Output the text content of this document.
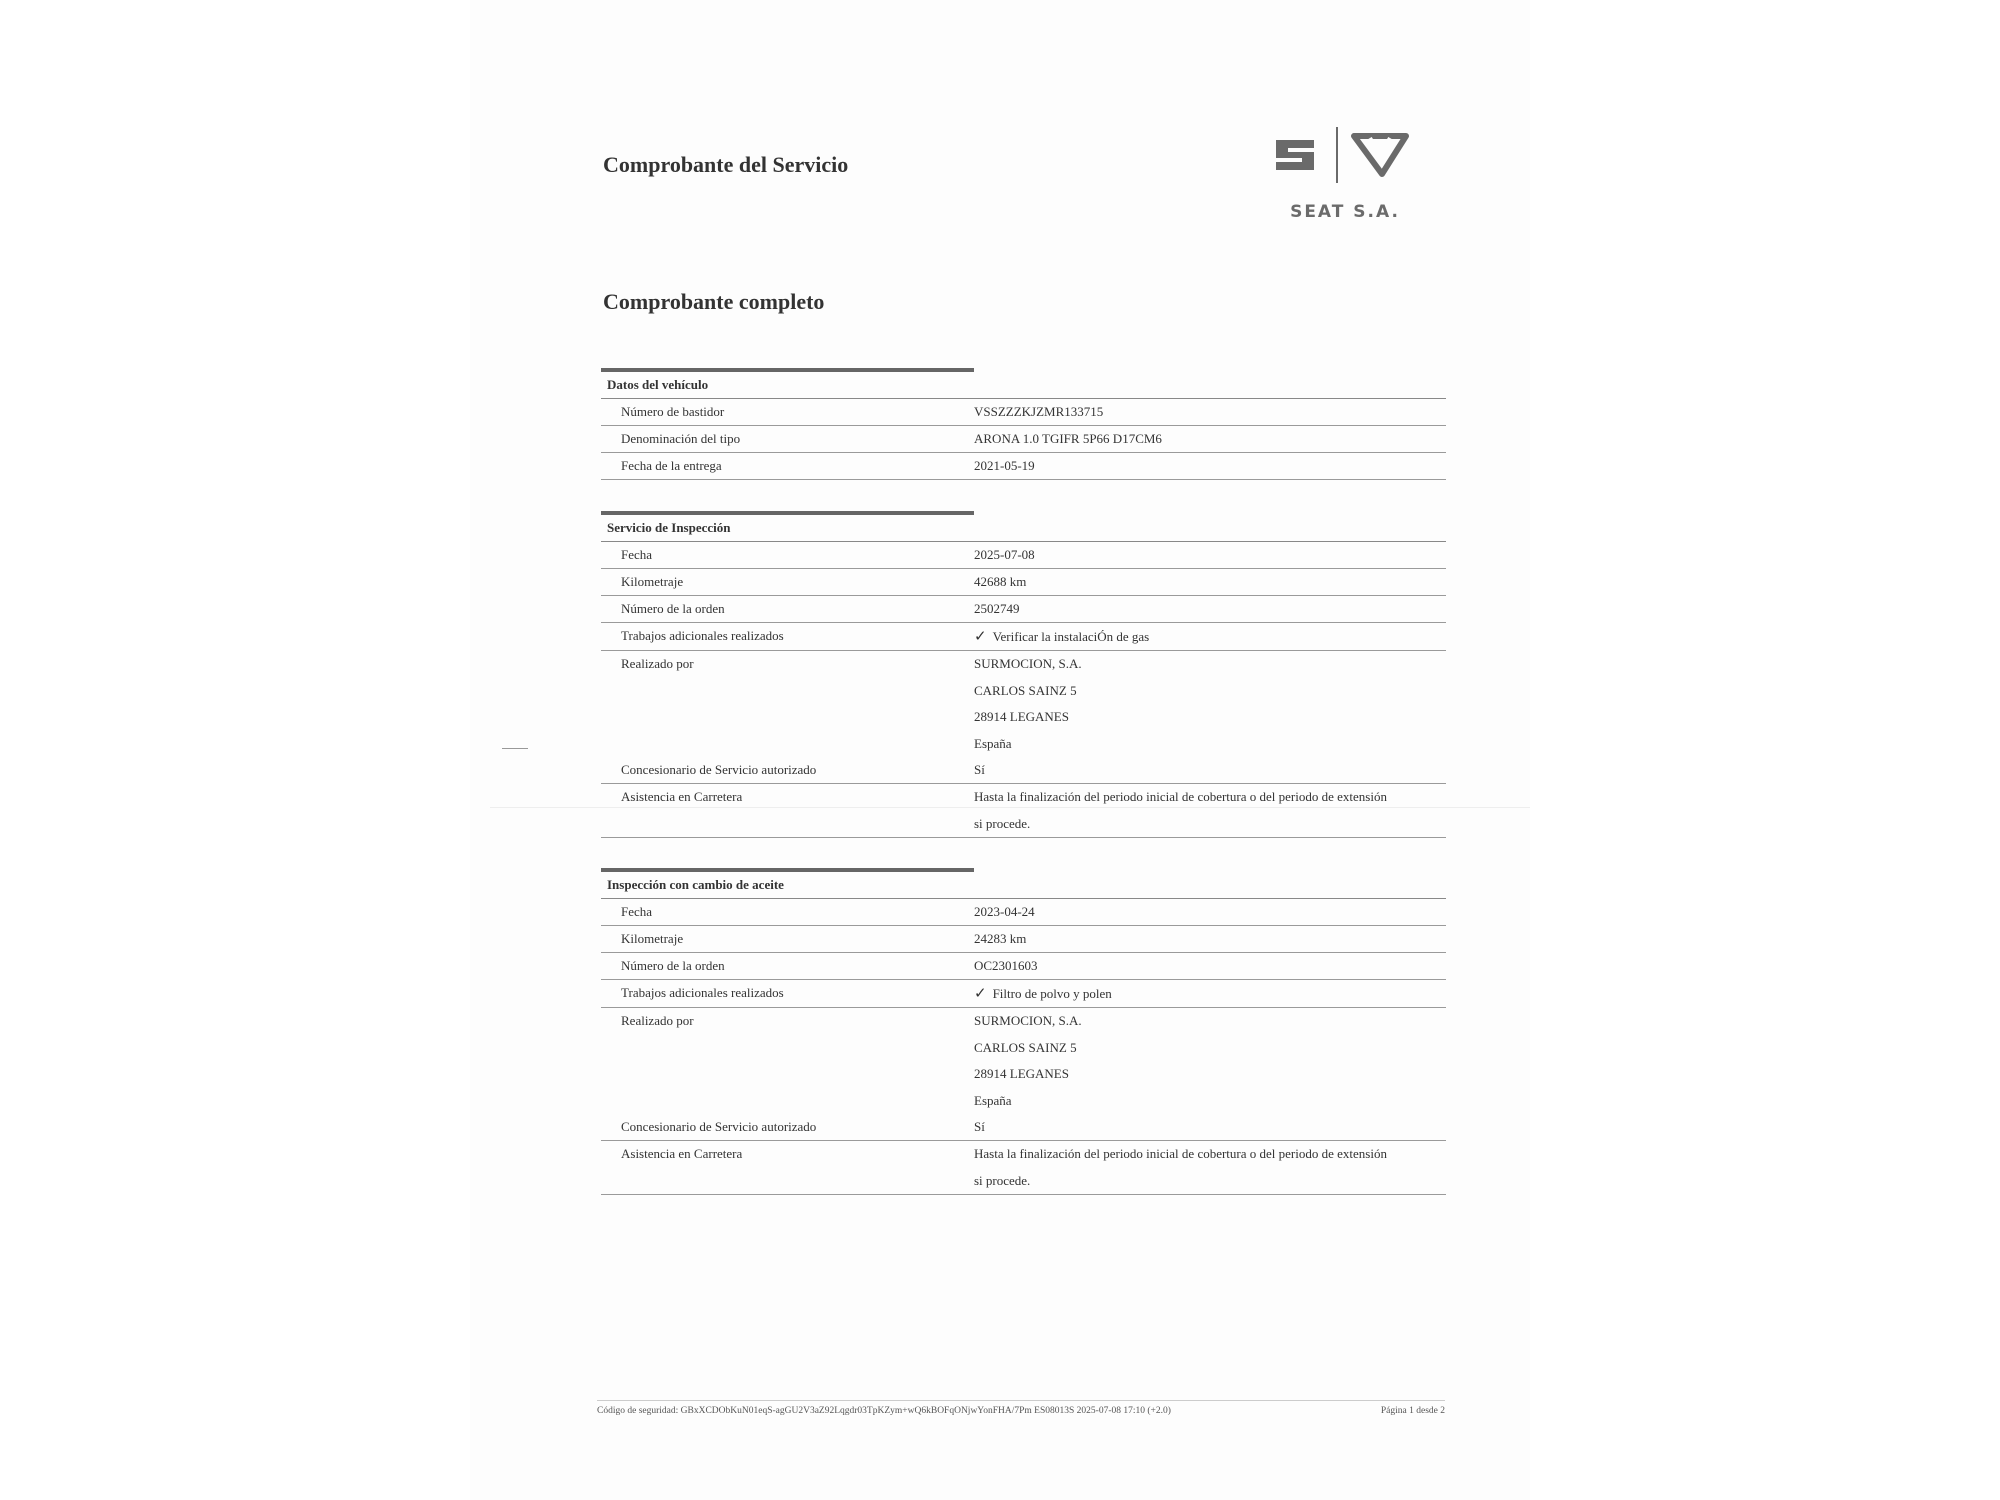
Comprobante del Servicio
SEAT S.A.
Comprobante completo
Datos del vehículo
Número de bastidor	VSSZZZKJZMR133715
Denominación del tipo	ARONA 1.0 TGIFR 5P66 D17CM6
Fecha de la entrega	2021-05-19
Servicio de Inspección
Fecha	2025-07-08
Kilometraje	42688 km
Número de la orden	2502749
Trabajos adicionales realizados	✓ Verificar la instalaciÓn de gas
Realizado por	SURMOCION, S.A.
CARLOS SAINZ 5
28914 LEGANES
España
Concesionario de Servicio autorizado	Sí
Asistencia en Carretera	Hasta la finalización del periodo inicial de cobertura o del periodo de extensión
si procede.
Inspección con cambio de aceite
Fecha	2023-04-24
Kilometraje	24283 km
Número de la orden	OC2301603
Trabajos adicionales realizados	✓ Filtro de polvo y polen
Realizado por	SURMOCION, S.A.
CARLOS SAINZ 5
28914 LEGANES
España
Concesionario de Servicio autorizado	Sí
Asistencia en Carretera	Hasta la finalización del periodo inicial de cobertura o del periodo de extensión
si procede.
Código de seguridad: GBxXCDObKuN01eqS-agGU2V3aZ92Lqgdr03TpKZym+wQ6kBOFqONjwYonFHA/7Pm ES08013S 2025-07-08 17:10 (+2.0)	Página 1 desde 2
